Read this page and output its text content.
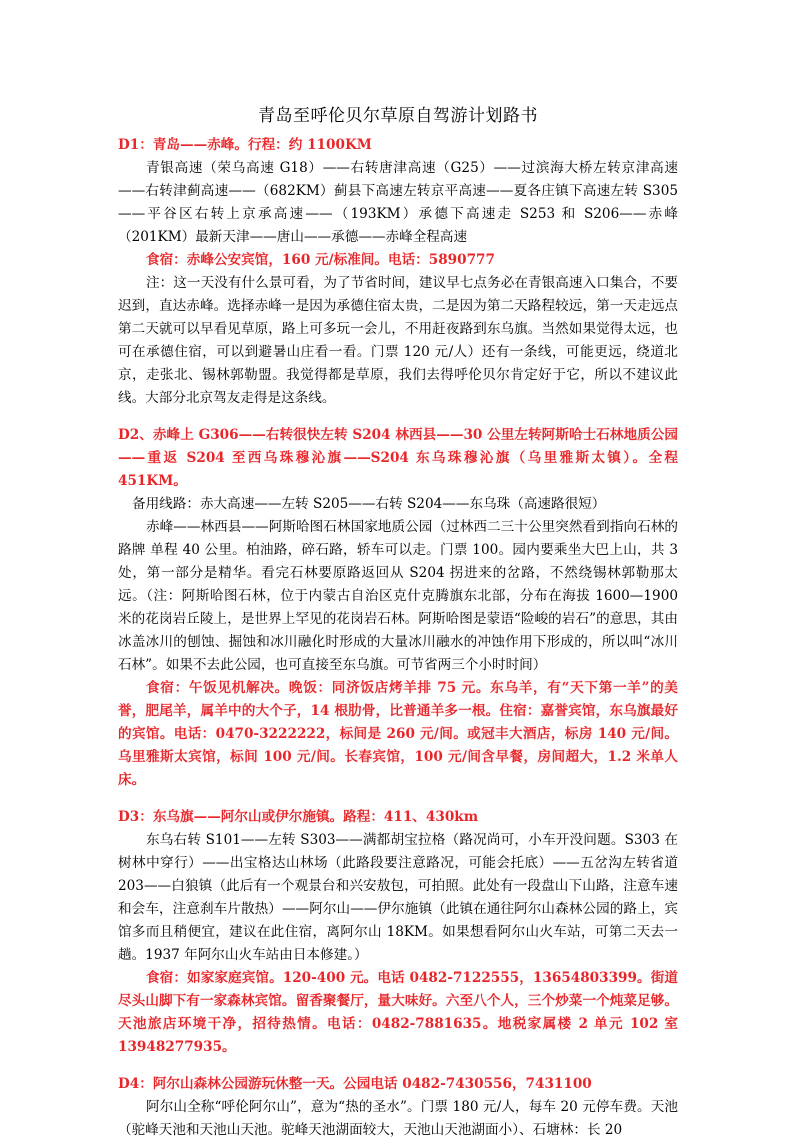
青岛至呼伦贝尔草原自驾游计划路书

D1：青岛——赤峰。行程：约 1100KM

青银高速（荣乌高速 G18）——右转唐津高速（G25）——过滨海大桥左转京津高速——右转津蓟高速——（682KM）蓟县下高速左转京平高速——夏各庄镇下高速左转 S305——平谷区右转上京承高速——（193KM）承德下高速走 S253 和 S206——赤峰（201KM）最新天津——唐山——承德——赤峰全程高速

食宿：赤峰公安宾馆，160 元/标准间。电话：5890777

注：这一天没有什么景可看，为了节省时间，建议早七点务必在青银高速入口集合，不要迟到，直达赤峰。选择赤峰一是因为承德住宿太贵，二是因为第二天路程较远，第一天走远点第二天就可以早看见草原，路上可多玩一会儿，不用赶夜路到东乌旗。当然如果觉得太远，也可在承德住宿，可以到避暑山庄看一看。门票 120 元/人）还有一条线，可能更远，绕道北京，走张北、锡林郭勒盟。我觉得都是草原，我们去得呼伦贝尔肯定好于它，所以不建议此线。大部分北京驾友走得是这条线。

D2、赤峰上 G306——右转很快左转 S204 林西县——30 公里左转阿斯哈士石林地质公园——重返 S204 至西乌珠穆沁旗——S204 东乌珠穆沁旗（乌里雅斯太镇）。全程 451KM。

备用线路：赤大高速——左转 S205——右转 S204——东乌珠（高速路很短）

赤峰——林西县——阿斯哈图石林国家地质公园（过林西二三十公里突然看到指向石林的路牌 单程 40 公里。柏油路，碎石路，轿车可以走。门票 100。园内要乘坐大巴上山，共 3 处，第一部分是精华。看完石林要原路返回从 S204 拐进来的岔路，不然绕锡林郭勒那太远。（注：阿斯哈图石林，位于内蒙古自治区克什克腾旗东北部，分布在海拔 1600—1900 米的花岗岩丘陵上，是世界上罕见的花岗岩石林。阿斯哈图是蒙语“险峻的岩石”的意思，其由冰盖冰川的刨蚀、掘蚀和冰川融化时形成的大量冰川融水的冲蚀作用下形成的，所以叫“冰川石林”。如果不去此公园，也可直接至东乌旗。可节省两三个小时时间）

食宿：午饭见机解决。晚饭：同济饭店烤羊排 75 元。东乌羊，有“天下第一羊”的美誉，肥尾羊，属羊中的大个子，14 根肋骨，比普通羊多一根。住宿：嘉誉宾馆，东乌旗最好的宾馆。电话：0470-3222222，标间是 260 元/间。或冠丰大酒店，标房 140 元/间。乌里雅斯太宾馆，标间 100 元/间。长春宾馆，100 元/间含早餐，房间超大，1.2 米单人床。

D3：东乌旗——阿尔山或伊尔施镇。路程：411、430km

东乌右转 S101——左转 S303——满都胡宝拉格（路况尚可，小车开没问题。S303 在树林中穿行）——出宝格达山林场（此路段要注意路况，可能会托底）——五岔沟左转省道 203——白狼镇（此后有一个观景台和兴安敖包，可拍照。此处有一段盘山下山路，注意车速和会车，注意刹车片散热）——阿尔山——伊尔施镇（此镇在通往阿尔山森林公园的路上，宾馆多而且稍便宜，建议在此住宿，离阿尔山 18KM。如果想看阿尔山火车站，可第二天去一趟。1937 年阿尔山火车站由日本修建。）

食宿：如家家庭宾馆。120-400 元。电话 0482-7122555，13654803399。街道尽头山脚下有一家森林宾馆。留香聚餐厅，量大味好。六至八个人，三个炒菜一个炖菜足够。天池旅店环境干净，招待热情。电话：0482-7881635。地税家属楼 2 单元 102 室 13948277935。

D4：阿尔山森林公园游玩休整一天。公园电话 0482-7430556，7431100

阿尔山全称“呼伦阿尔山”，意为“热的圣水”。门票 180 元/人，每车 20 元停车费。天池（驼峰天池和天池山天池。驼峰天池湖面较大，天池山天池湖面小）、石塘林：长 20
